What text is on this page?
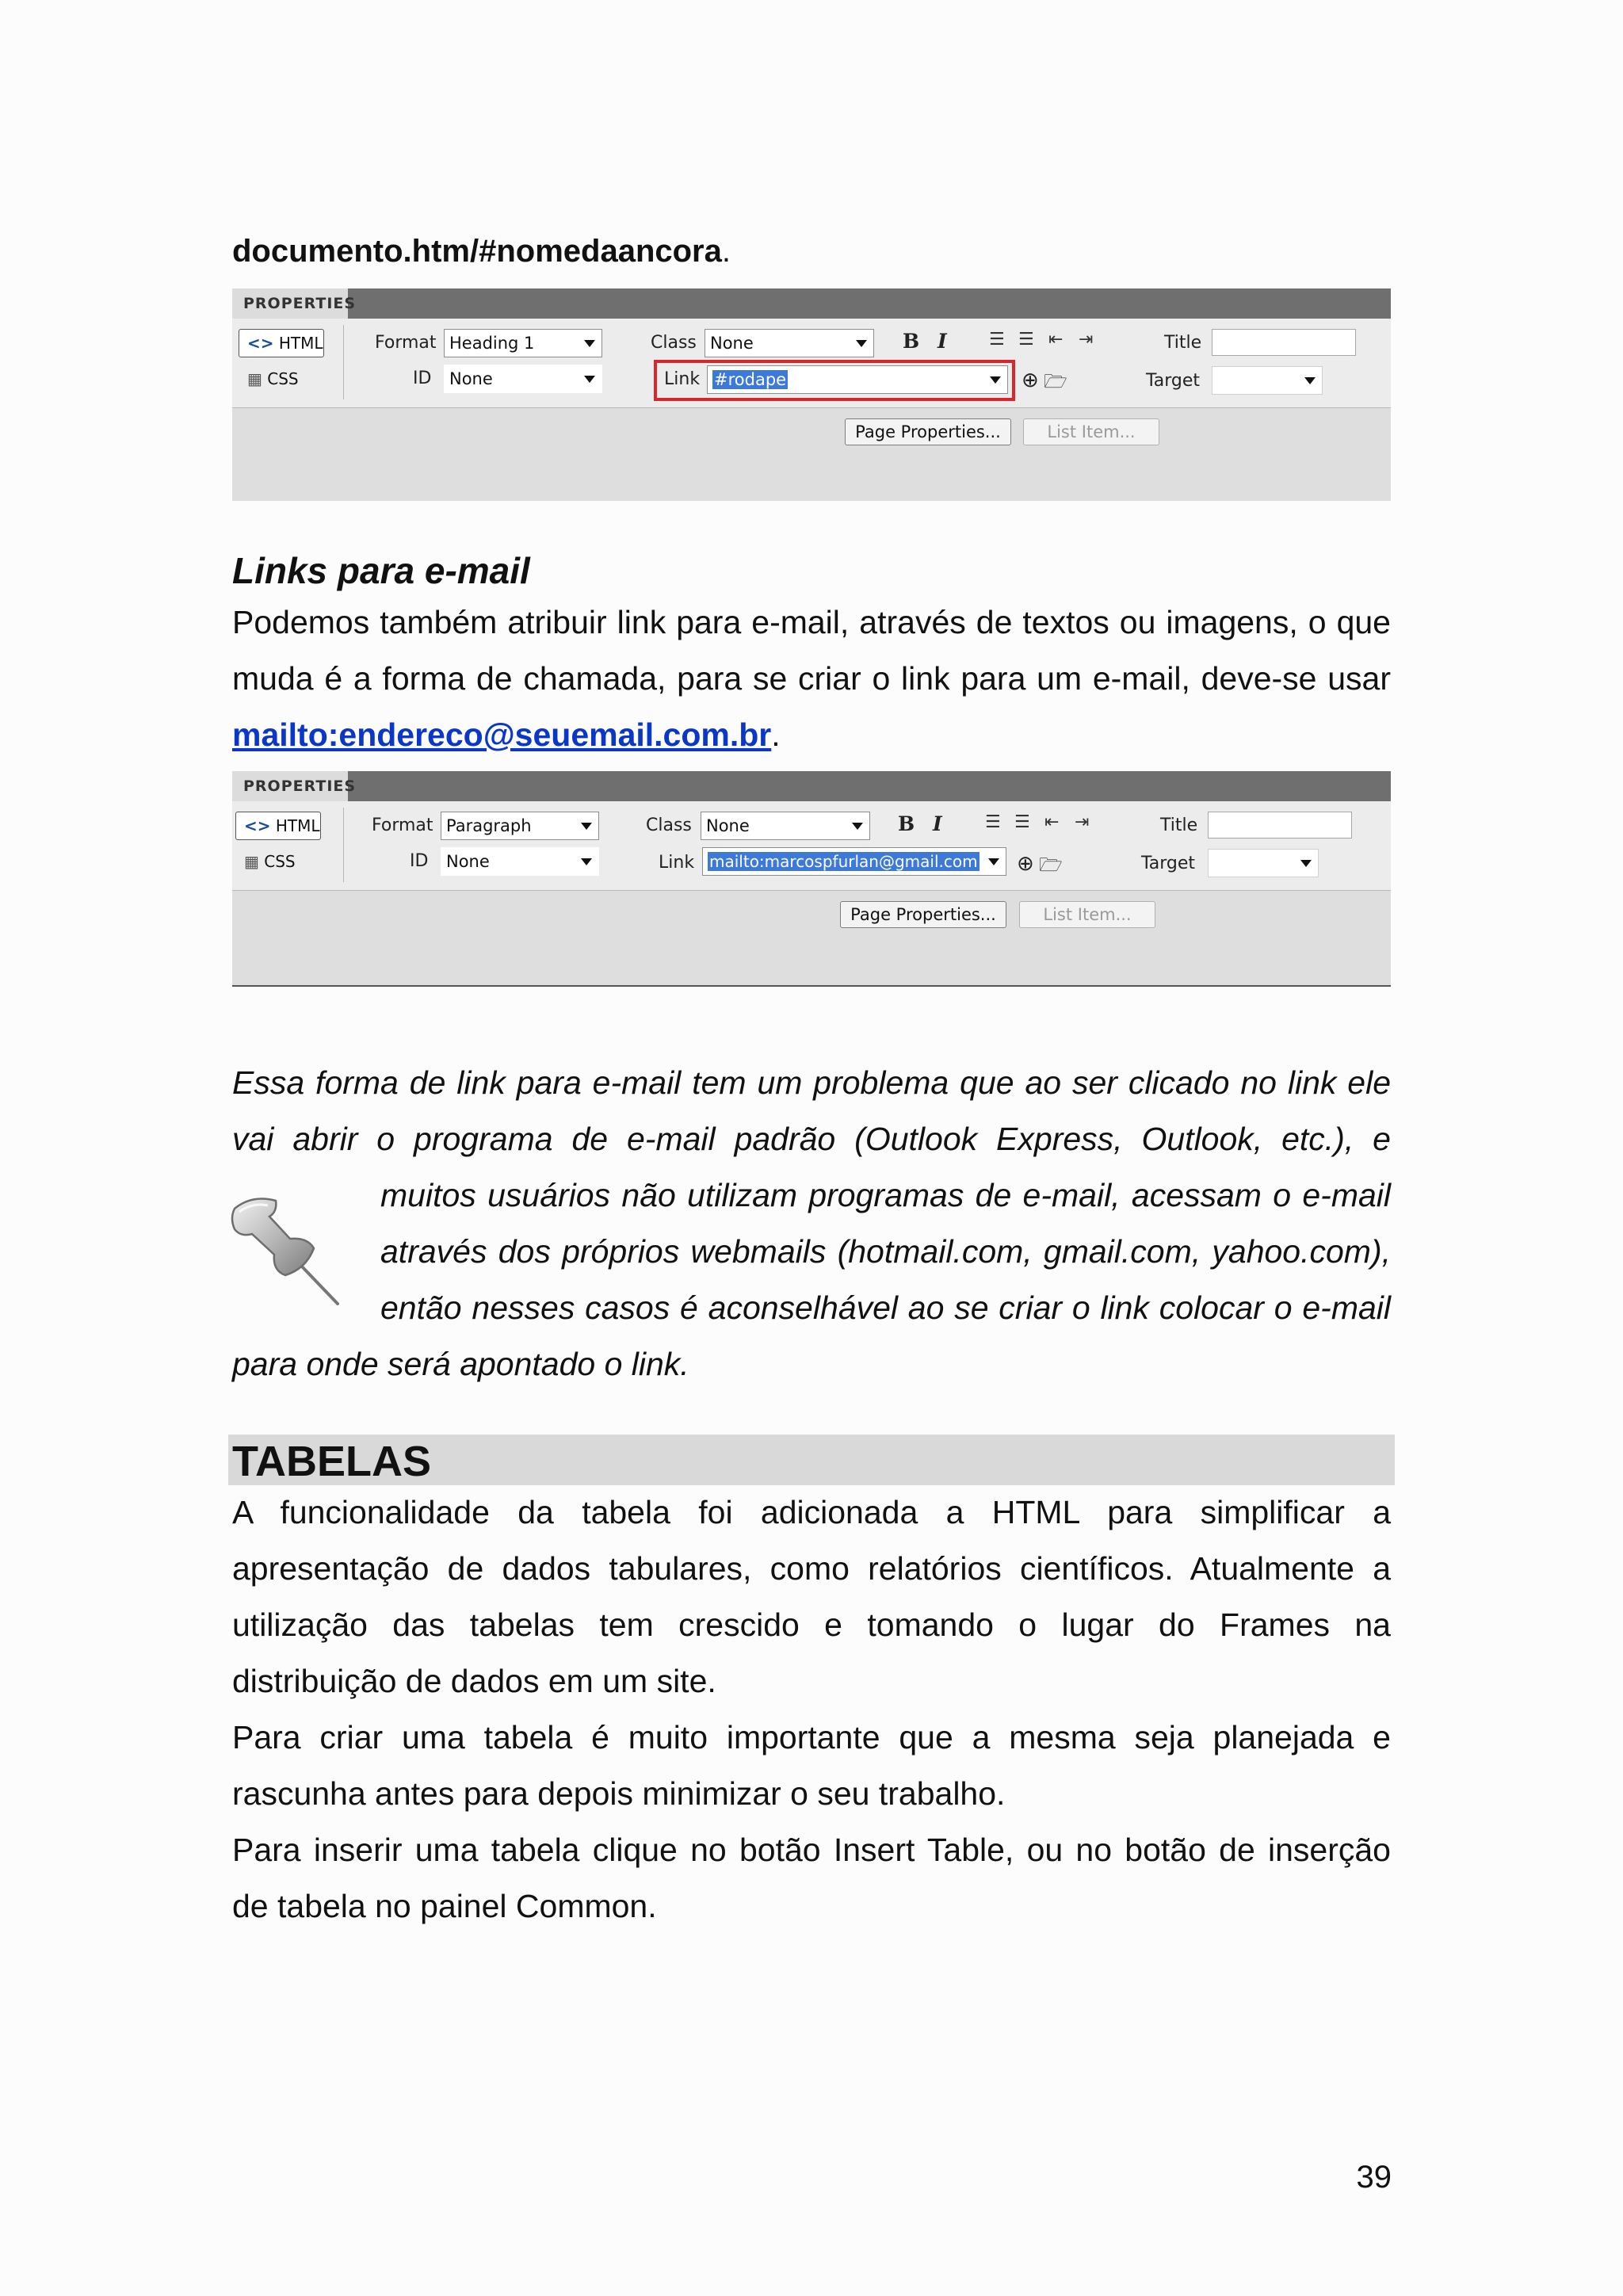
documento.htm/#nomedaancora.
PROPERTIES
<> HTML
▦ CSS
Format Heading 1
ID	None
Class None
Link #rodape	⊕ 🗁
B I ☰ ☰ ⇤ ⇥	Title
Target
Page Properties...	List Item...
Links para e-mail
Podemos também atribuir link para e-mail, através de textos ou imagens, o que
muda é a forma de chamada, para se criar o link para um e-mail, deve-se usar
mailto:endereco@seuemail.com.br.
PROPERTIES
<> HTML
▦ CSS
Format Paragraph
ID	None
Class None
Link mailto:marcospfurlan@gmail.com	⊕ 🗁
B I ☰ ☰ ⇤ ⇥	Title
Target
Page Properties...	List Item...
Essa forma de link para e-mail tem um problema que ao ser clicado no link ele
vai abrir o programa de e-mail padrão (Outlook Express, Outlook, etc.), e
muitos usuários não utilizam programas de e-mail, acessam o e-mail
através dos próprios webmails (hotmail.com, gmail.com, yahoo.com),
então nesses casos é aconselhável ao se criar o link colocar o e-mail
para onde será apontado o link.
TABELAS
A funcionalidade da tabela foi adicionada a HTML para simplificar a
apresentação de dados tabulares, como relatórios científicos. Atualmente a
utilização das tabelas tem crescido e tomando o lugar do Frames na
distribuição de dados em um site.
Para criar uma tabela é muito importante que a mesma seja planejada e
rascunha antes para depois minimizar o seu trabalho.
Para inserir uma tabela clique no botão Insert Table, ou no botão de inserção
de tabela no painel Common.
39
